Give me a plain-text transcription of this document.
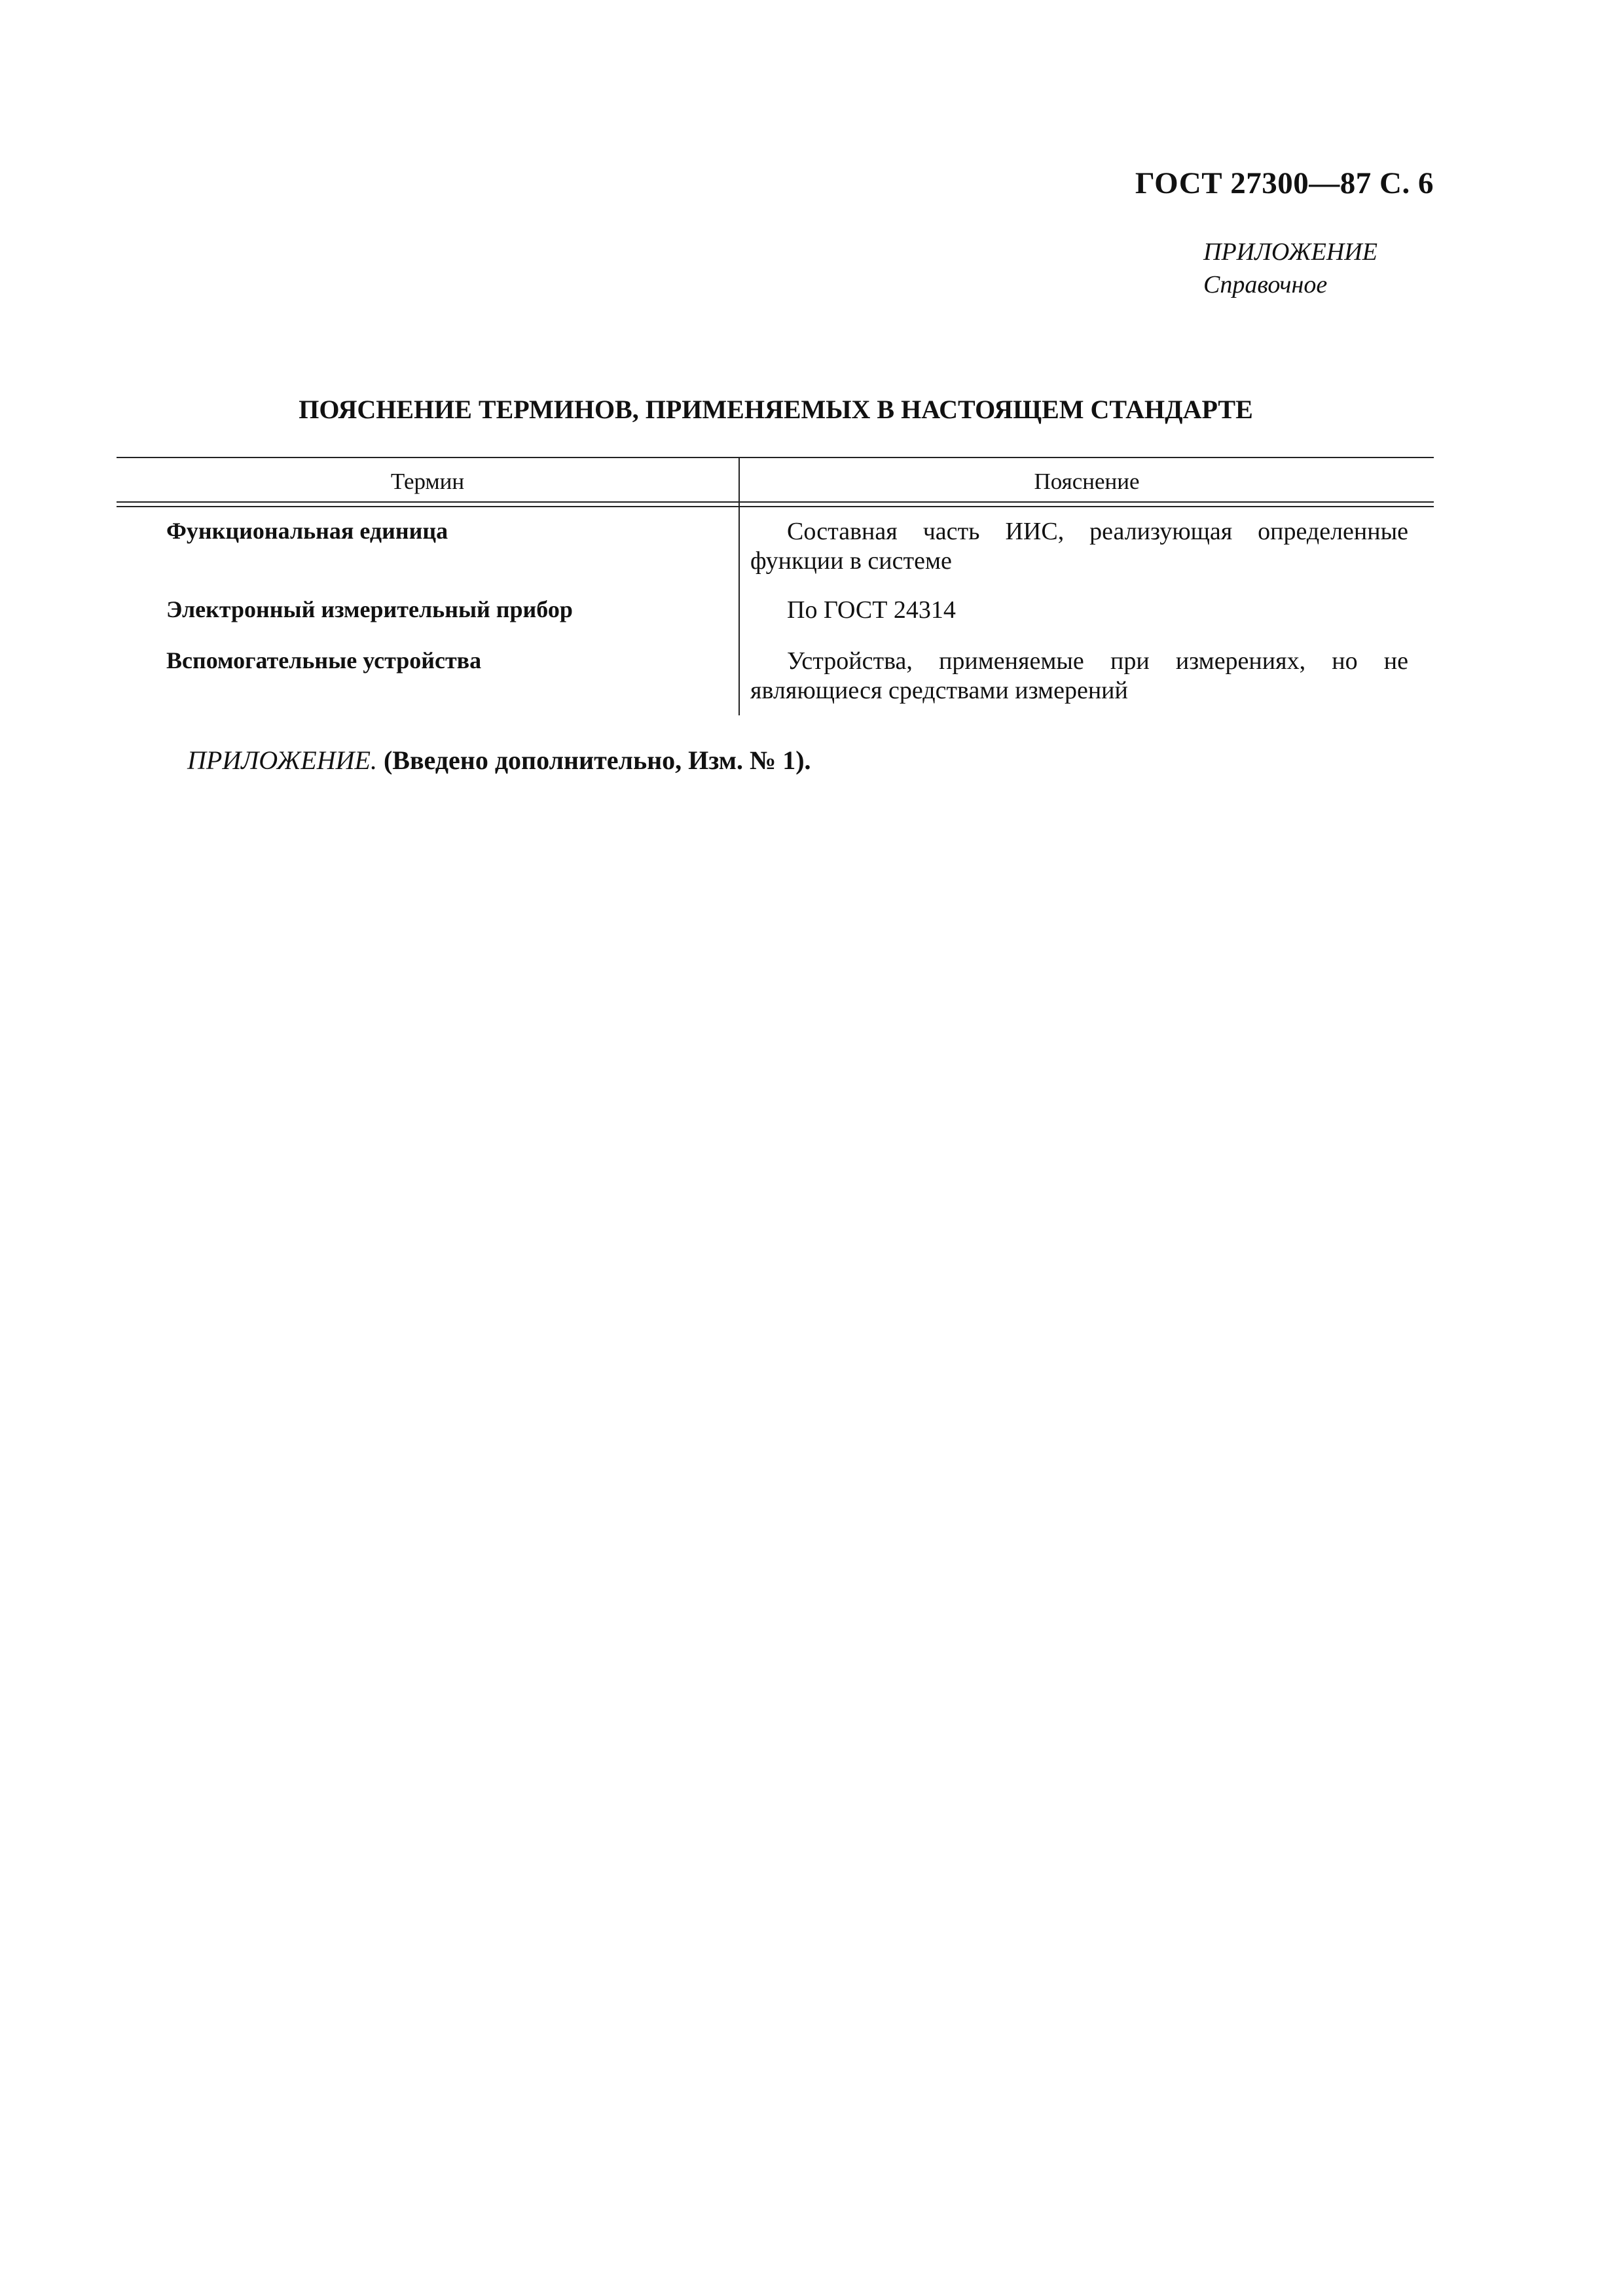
ГОСТ 27300—87 С. 6
ПРИЛОЖЕНИЕ
Справочное
ПОЯСНЕНИЕ ТЕРМИНОВ, ПРИМЕНЯЕМЫХ В НАСТОЯЩЕМ СТАНДАРТЕ
Термин	Пояснение
Функциональная единица	Составная часть ИИС, реализующая определенные функции в системе
Электронный измерительный прибор	По ГОСТ 24314
Вспомогательные устройства	Устройства, применяемые при измерениях, но не являющиеся средствами измерений
ПРИЛОЖЕНИЕ. (Введено дополнительно, Изм. № 1).
